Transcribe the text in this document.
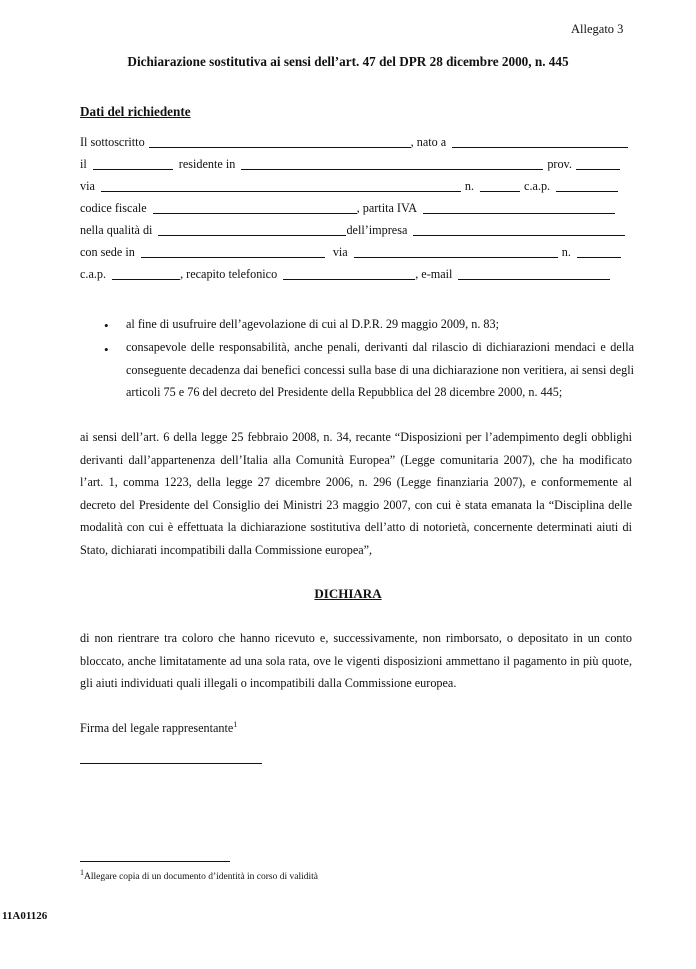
Allegato 3
Dichiarazione sostitutiva ai sensi dell’art. 47 del DPR 28 dicembre 2000, n. 445
Dati del richiedente
Il sottoscritto	, nato a
il	residente in	prov.
via	n.	c.a.p.
codice fiscale	, partita IVA
nella qualità di	dell’impresa
con sede in	via	n.
c.a.p.	, recapito telefonico	, e-mail
• al fine di usufruire dell’agevolazione di cui al D.P.R. 29 maggio 2009, n. 83;
• consapevole delle responsabilità, anche penali, derivanti dal rilascio di dichiarazioni mendaci e della conseguente decadenza dai benefici concessi sulla base di una dichiarazione non veritiera, ai sensi degli articoli 75 e 76 del decreto del Presidente della Repubblica del 28 dicembre 2000, n. 445;
ai sensi dell’art. 6 della legge 25 febbraio 2008, n. 34, recante “Disposizioni per l’adempimento degli obblighi derivanti dall’appartenenza dell’Italia alla Comunità Europea” (Legge comunitaria 2007), che ha modificato l’art. 1, comma 1223, della legge 27 dicembre 2006, n. 296 (Legge finanziaria 2007), e conformemente al decreto del Presidente del Consiglio dei Ministri 23 maggio 2007, con cui è stata emanata la “Disciplina delle modalità con cui è effettuata la dichiarazione sostitutiva dell’atto di notorietà, concernente determinati aiuti di Stato, dichiarati incompatibili dalla Commissione europea”,
DICHIARA
di non rientrare tra coloro che hanno ricevuto e, successivamente, non rimborsato, o depositato in un conto bloccato, anche limitatamente ad una sola rata, ove le vigenti disposizioni ammettano il pagamento in più quote, gli aiuti individuati quali illegali o incompatibili dalla Commissione europea.
Firma del legale rappresentante$^1$
$^1$Allegare copia di un documento d’identità in corso di validità
11A01126
